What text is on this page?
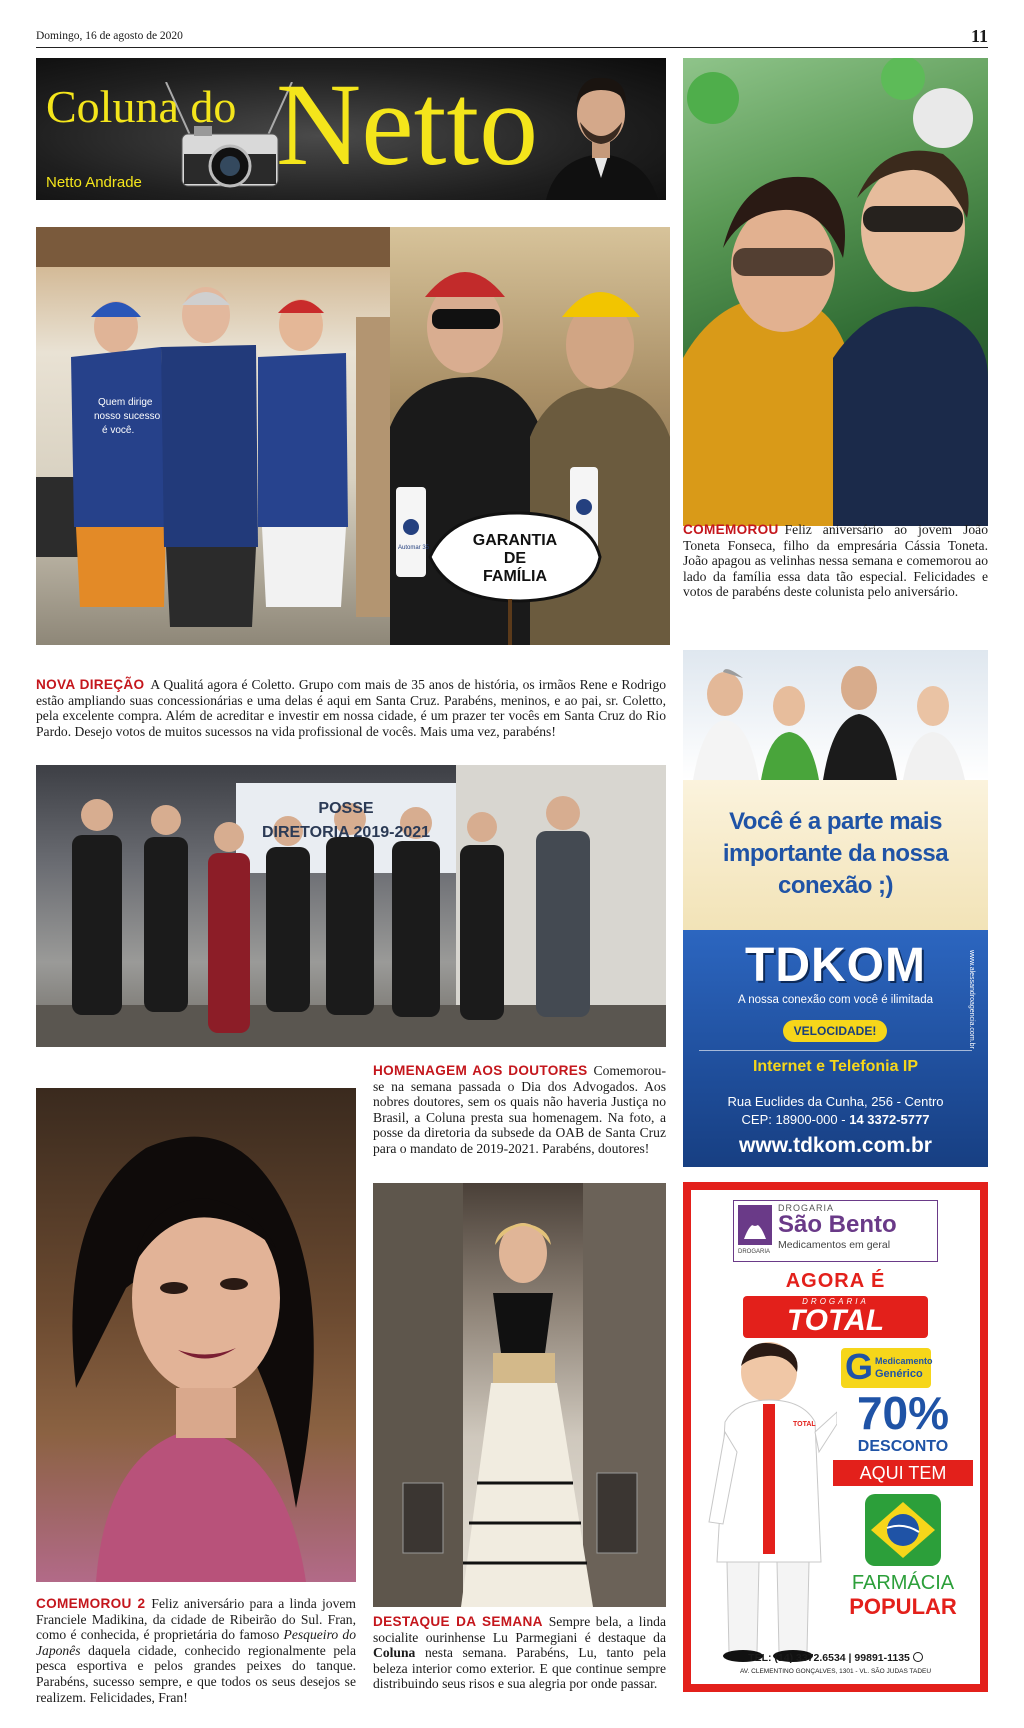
Domingo, 16 de agosto de 2020	11
Coluna do Netto
Netto Andrade
Quem dirige
nosso sucesso
é você.
GARANTIA
DE
FAMÍLIA
Automar 35
NOVA DIREÇÃO A Qualitá agora é Coletto. Grupo com mais de 35 anos de história, os irmãos Rene e Rodrigo estão ampliando suas concessionárias e uma delas é aqui em Santa Cruz. Parabéns, meninos, e ao pai, sr. Coletto, pela excelente compra. Além de acreditar e investir em nossa cidade, é um prazer ter vocês em Santa Cruz do Rio Pardo. Desejo votos de muitos sucessos na vida profissional de vocês. Mais uma vez, parabéns!
COMEMOROU Feliz aniversário ao jovem João Toneta Fonseca, filho da empresária Cássia Toneta. João apagou as velinhas nessa semana e comemorou ao lado da família essa data tão especial. Felicidades e votos de parabéns deste colunista pelo aniversário.
POSSE
DIRETORIA 2019-2021
HOMENAGEM AOS DOUTORES Comemorou-se na semana passada o Dia dos Advogados. Aos nobres doutores, sem os quais não haveria Justiça no Brasil, a Coluna presta sua homenagem. Na foto, a posse da diretoria da subsede da OAB de Santa Cruz para o mandato de 2019-2021. Parabéns, doutores!
COMEMOROU 2 Feliz aniversário para a linda jovem Franciele Madikina, da cidade de Ribeirão do Sul. Fran, como é conhecida, é proprietária do famoso Pesqueiro do Japonês daquela cidade, conhecido regionalmente pela pesca esportiva e pelos grandes peixes do tanque. Parabéns, sucesso sempre, e que todos os seus desejos se realizem. Felicidades, Fran!
DESTAQUE DA SEMANA Sempre bela, a linda socialite ourinhense Lu Parmegiani é destaque da Coluna nesta semana. Parabéns, Lu, tanto pela beleza interior como exterior. E que continue sempre distribuindo seus risos e sua alegria por onde passar.
Você é a parte mais
importante da nossa
conexão ;)
TDKOM
A nossa conexão com você é ilimitada
VELOCIDADE!
Internet e Telefonia IP
Rua Euclides da Cunha, 256 - Centro
CEP: 18900-000 - 14 3372-5777
www.tdkom.com.br
www.alessandroagencia.com.br
DROGARIA
São Bento
Medicamentos em geral
DROGARIA
AGORA É
DROGARIA
TOTAL
TOTAL
G Medicamento
Genérico
70%
DESCONTO
AQUI TEM
FARMÁCIA
POPULAR
TEL: (14) 3372.6534 | 99891-1135
AV. CLEMENTINO GONÇALVES, 1301 - VL. SÃO JUDAS TADEU
